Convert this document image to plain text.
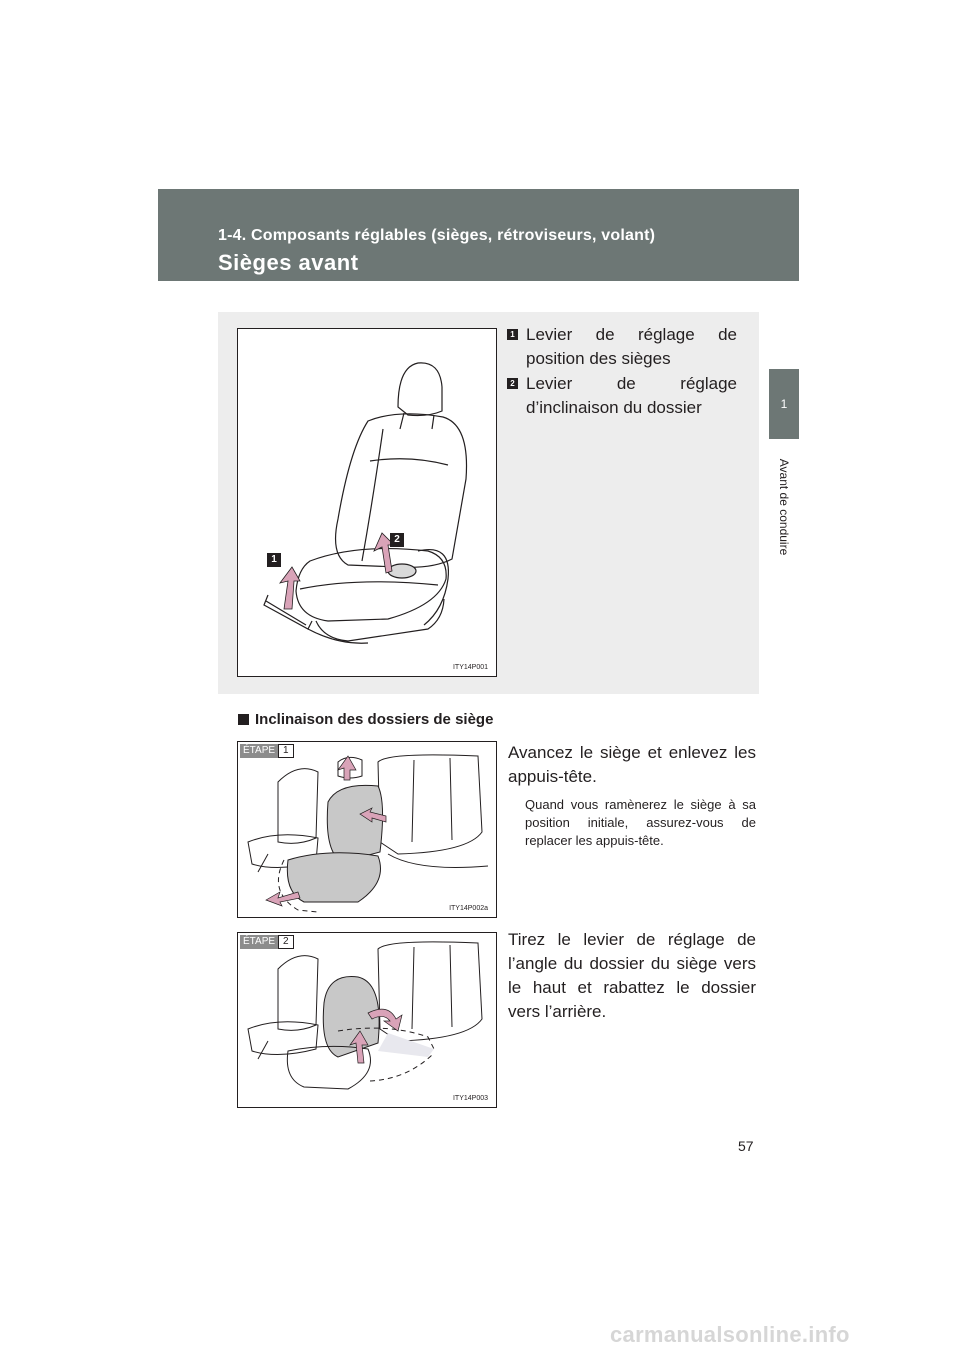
1-4. Composants réglables (sièges, rétroviseurs, volant)
Sièges avant
1
Avant de conduire
1
2
ITY14P001
1 Levier de réglage de position des sièges
2 Levier de réglage d’inclinaison du dossier
Inclinaison des dossiers de siège
ÉTAPE 1
ITY14P002a
Avancez le siège et enlevez les appuis-tête.
Quand vous ramènerez le siège à sa position initiale, assurez-vous de replacer les appuis-tête.
ÉTAPE 2
ITY14P003
Tirez le levier de réglage de l’angle du dossier du siège vers le haut et rabattez le dossier vers l’arrière.
57
carmanualsonline.info
